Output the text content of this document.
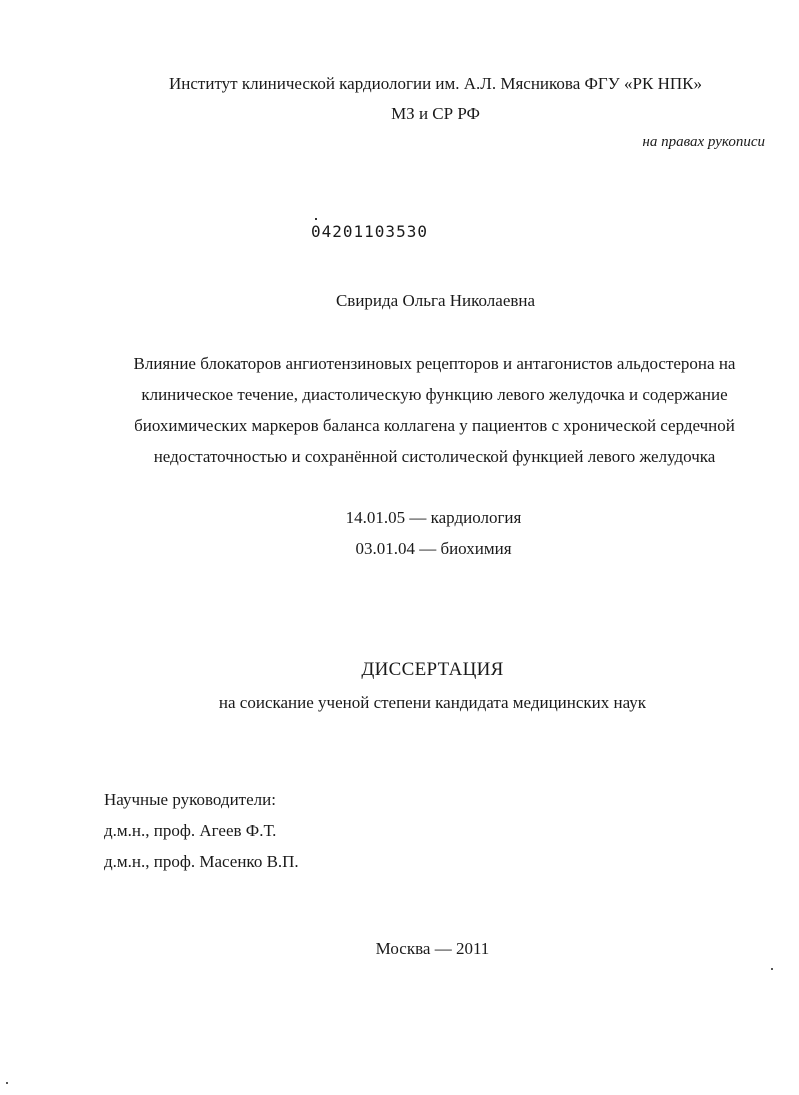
Институт клинической кардиологии им. А.Л. Мясникова ФГУ «РК НПК»
МЗ и СР РФ
на правах рукописи
04201103530
Свирида Ольга Николаевна
Влияние блокаторов ангиотензиновых рецепторов и антагонистов альдостерона на
клиническое течение, диастолическую функцию левого желудочка и содержание
биохимических маркеров баланса коллагена у пациентов с хронической сердечной
недостаточностью и сохранённой систолической функцией левого желудочка
14.01.05 — кардиология
03.01.04 — биохимия
ДИССЕРТАЦИЯ
на соискание ученой степени кандидата медицинских наук
Научные руководители:
д.м.н., проф. Агеев Ф.Т.
д.м.н., проф. Масенко В.П.
Москва — 2011
